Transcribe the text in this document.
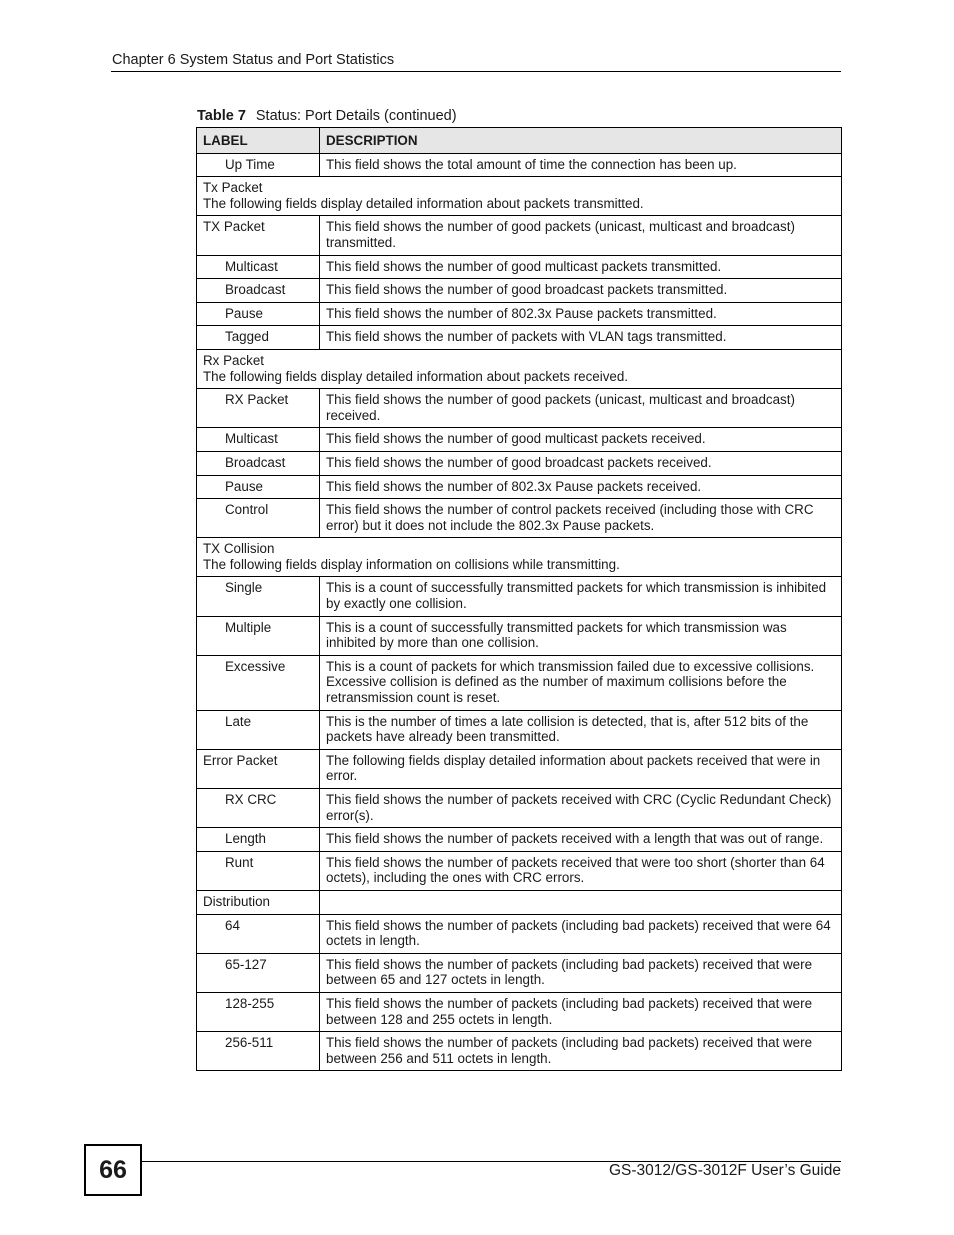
Chapter 6 System Status and Port Statistics
Table 7 Status: Port Details (continued)
LABEL	DESCRIPTION
Up Time	This field shows the total amount of time the connection has been up.

Tx Packet
The following fields display detailed information about packets transmitted.	

TX Packet	This field shows the number of good packets (unicast, multicast and broadcast) transmitted.
Multicast	This field shows the number of good multicast packets transmitted.
Broadcast	This field shows the number of good broadcast packets transmitted.
Pause	This field shows the number of 802.3x Pause packets transmitted.
Tagged	This field shows the number of packets with VLAN tags transmitted.

Rx Packet
The following fields display detailed information about packets received.	

RX Packet	This field shows the number of good packets (unicast, multicast and broadcast) received.
Multicast	This field shows the number of good multicast packets received.
Broadcast	This field shows the number of good broadcast packets received.
Pause	This field shows the number of 802.3x Pause packets received.
Control	This field shows the number of control packets received (including those with CRC error) but it does not include the 802.3x Pause packets.

TX Collision
The following fields display information on collisions while transmitting.	

Single	This is a count of successfully transmitted packets for which transmission is inhibited by exactly one collision.
Multiple	This is a count of successfully transmitted packets for which transmission was inhibited by more than one collision.
Excessive	This is a count of packets for which transmission failed due to excessive collisions. Excessive collision is defined as the number of maximum collisions before the retransmission count is reset.
Late	This is the number of times a late collision is detected, that is, after 512 bits of the packets have already been transmitted.
Error Packet	The following fields display detailed information about packets received that were in error.
RX CRC	This field shows the number of packets received with CRC (Cyclic Redundant Check) error(s).
Length	This field shows the number of packets received with a length that was out of range.
Runt	This field shows the number of packets received that were too short (shorter than 64 octets), including the ones with CRC errors.
Distribution	
64	This field shows the number of packets (including bad packets) received that were 64 octets in length.
65-127	This field shows the number of packets (including bad packets) received that were between 65 and 127 octets in length.
128-255	This field shows the number of packets (including bad packets) received that were between 128 and 255 octets in length.
256-511	This field shows the number of packets (including bad packets) received that were between 256 and 511 octets in length.
66	GS-3012/GS-3012F User’s Guide
